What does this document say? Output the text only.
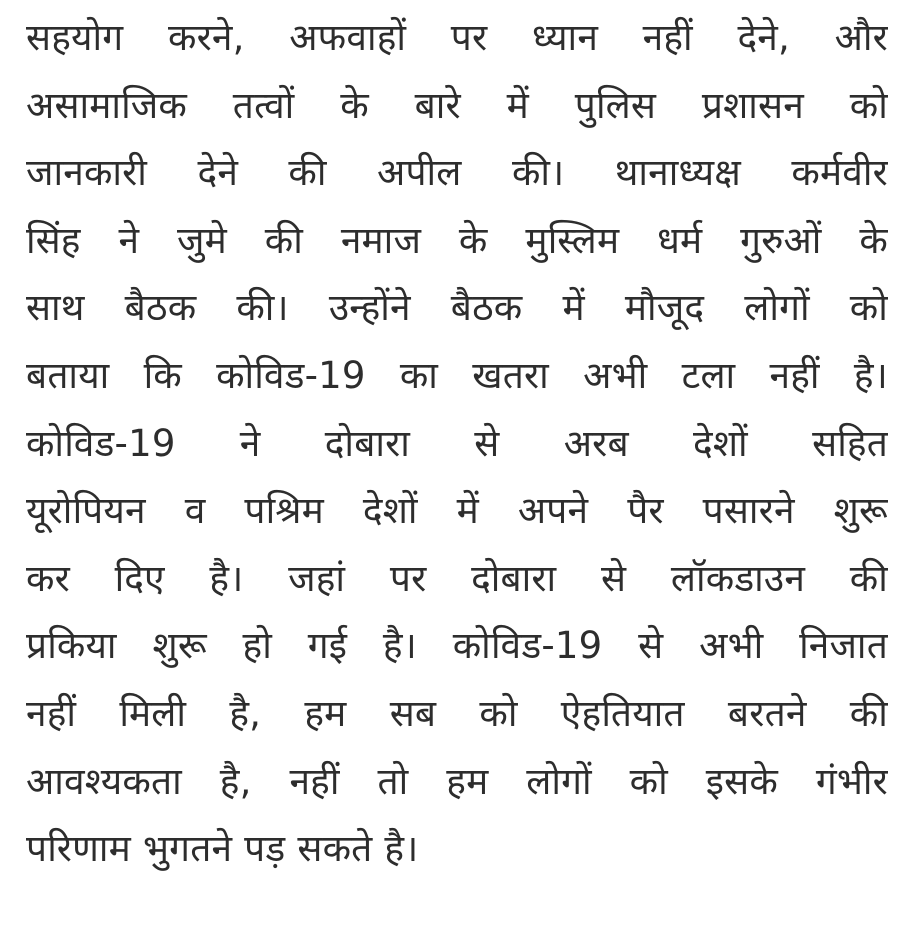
सहयोग करने, अफवाहों पर ध्यान नहीं देने, और
असामाजिक तत्वों के बारे में पुलिस प्रशासन को
जानकारी देने की अपील की। थानाध्यक्ष कर्मवीर
सिंह ने जुमे की नमाज के मुस्लिम धर्म गुरुओं के
साथ बैठक की। उन्होंने बैठक में मौजूद लोगों को
बताया कि कोविड-19 का खतरा अभी टला नहीं है।
कोविड-19 ने दोबारा से अरब देशों सहित
यूरोपियन व पश्रिम देशों में अपने पैर पसारने शुरू
कर दिए है। जहां पर दोबारा से लॉकडाउन की
प्रकिया शुरू हो गई है। कोविड-19 से अभी निजात
नहीं मिली है, हम सब को ऐहतियात बरतने की
आवश्यकता है, नहीं तो हम लोगों को इसके गंभीर
परिणाम भुगतने पड़ सकते है।
